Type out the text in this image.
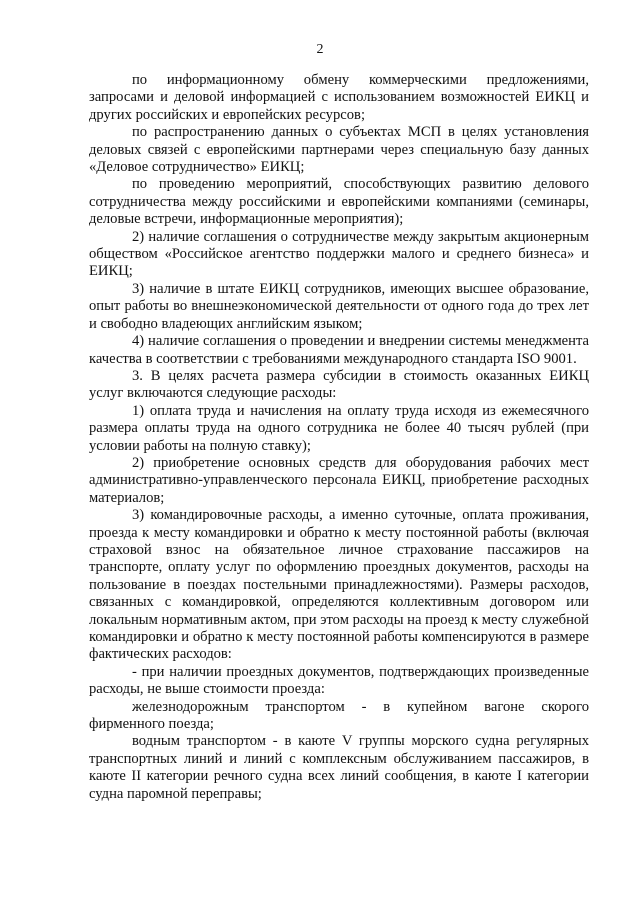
2

по информационному обмену коммерческими предложениями, запросами и деловой информацией с использованием возможностей ЕИКЦ и других российских и европейских ресурсов;

по распространению данных о субъектах МСП в целях установления деловых связей с европейскими партнерами через специальную базу данных «Деловое сотрудничество» ЕИКЦ;

по проведению мероприятий, способствующих развитию делового сотрудничества между российскими и европейскими компаниями (семинары, деловые встречи, информационные мероприятия);

2) наличие соглашения о сотрудничестве между закрытым акционерным обществом «Российское агентство поддержки малого и среднего бизнеса» и ЕИКЦ;

3) наличие в штате ЕИКЦ сотрудников, имеющих высшее образование, опыт работы во внешнеэкономической деятельности от одного года до трех лет и свободно владеющих английским языком;

4) наличие соглашения о проведении и внедрении системы менеджмента качества в соответствии с требованиями международного стандарта ISO 9001.

3. В целях расчета размера субсидии в стоимость оказанных ЕИКЦ услуг включаются следующие расходы:

1) оплата труда и начисления на оплату труда исходя из ежемесячного размера оплаты труда на одного сотрудника не более 40 тысяч рублей (при условии работы на полную ставку);

2) приобретение основных средств для оборудования рабочих мест административно-управленческого персонала ЕИКЦ, приобретение расходных материалов;

3) командировочные расходы, а именно суточные, оплата проживания, проезда к месту командировки и обратно к месту постоянной работы (включая страховой взнос на обязательное личное страхование пассажиров на транспорте, оплату услуг по оформлению проездных документов, расходы на пользование в поездах постельными принадлежностями). Размеры расходов, связанных с командировкой, определяются коллективным договором или локальным нормативным актом, при этом расходы на проезд к месту служебной командировки и обратно к месту постоянной работы компенсируются в размере фактических расходов:

- при наличии проездных документов, подтверждающих произведенные расходы, не выше стоимости проезда:

железнодорожным транспортом - в купейном вагоне скорого фирменного поезда;

водным транспортом - в каюте V группы морского судна регулярных транспортных линий и линий с комплексным обслуживанием пассажиров, в каюте II категории речного судна всех линий сообщения, в каюте I категории судна паромной переправы;
